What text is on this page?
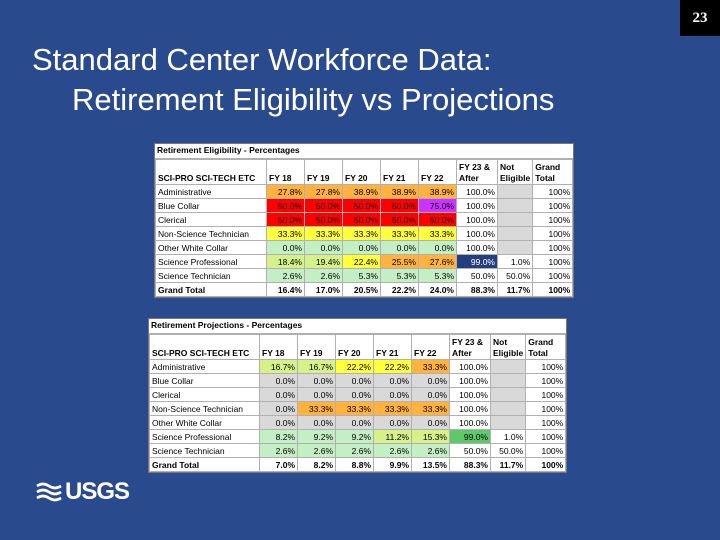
23
Standard Center Workforce Data:
Retirement Eligibility vs Projections
Retirement Eligibility - Percentages
SCI-PRO SCI-TECH ETC	FY 18	FY 19	FY 20	FY 21	FY 22	FY 23 & After	Not Eligible	Grand Total
Administrative	27.8%	27.8%	38.9%	38.9%	38.9%	100.0%		100%
Blue Collar	50.0%	50.0%	50.0%	50.0%	75.0%	100.0%		100%
Clerical	50.0%	50.0%	50.0%	50.0%	50.0%	100.0%		100%
Non-Science Technician	33.3%	33.3%	33.3%	33.3%	33.3%	100.0%		100%
Other White Collar	0.0%	0.0%	0.0%	0.0%	0.0%	100.0%		100%
Science Professional	18.4%	19.4%	22.4%	25.5%	27.6%	99.0%	1.0%	100%
Science Technician	2.6%	2.6%	5.3%	5.3%	5.3%	50.0%	50.0%	100%
Grand Total	16.4%	17.0%	20.5%	22.2%	24.0%	88.3%	11.7%	100%
Retirement Projections - Percentages
SCI-PRO SCI-TECH ETC	FY 18	FY 19	FY 20	FY 21	FY 22	FY 23 & After	Not Eligible	Grand Total
Administrative	16.7%	16.7%	22.2%	22.2%	33.3%	100.0%		100%
Blue Collar	0.0%	0.0%	0.0%	0.0%	0.0%	100.0%		100%
Clerical	0.0%	0.0%	0.0%	0.0%	0.0%	100.0%		100%
Non-Science Technician	0.0%	33.3%	33.3%	33.3%	33.3%	100.0%		100%
Other White Collar	0.0%	0.0%	0.0%	0.0%	0.0%	100.0%		100%
Science Professional	8.2%	9.2%	9.2%	11.2%	15.3%	99.0%	1.0%	100%
Science Technician	2.6%	2.6%	2.6%	2.6%	2.6%	50.0%	50.0%	100%
Grand Total	7.0%	8.2%	8.8%	9.9%	13.5%	88.3%	11.7%	100%
USGS
